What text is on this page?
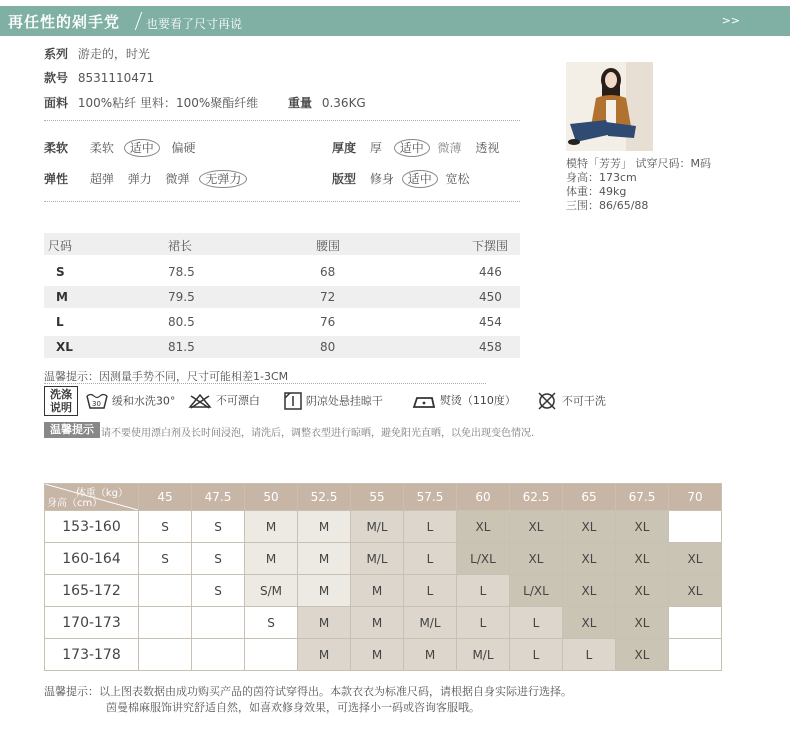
再任性的剁手党 也要看了尺寸再说	>>
系列 游走的，时光
款号 8531110471
面料 100%粘纤 里料：100%聚酯纤维 重量 0.36KG
柔软 柔软 适中 偏硬	厚度 厚 适中 微薄 透视
弹性 超弹 弹力 微弹 无弹力	版型 修身 适中 宽松
模特「芳芳」 试穿尺码：M码
身高：173cm
体重：49kg
三围：86/65/88
尺码	裙长	腰围	下摆围
S	78.5	68	446
M	79.5	72	450
L	80.5	76	454
XL	81.5	80	458
温馨提示：因测量手势不同，尺寸可能相差1-3CM
洗涤
说明	30 缓和水洗30°	不可漂白	阴凉处悬挂晾干	熨烫（110度）	不可干洗
温馨提示 请不要使用漂白剂及长时间浸泡，请洗后，调整衣型进行晾晒，避免阳光直晒，以免出现变色情况.
体重（kg）
身高（cm）	45	47.5	50	52.5	55	57.5	60	62.5	65	67.5	70
153-160	S	S	M	M	M/L	L	XL	XL	XL	XL	
160-164	S	S	M	M	M/L	L	L/XL	XL	XL	XL	XL
165-172		S	S/M	M	M	L	L	L/XL	XL	XL	XL
170-173			S	M	M	M/L	L	L	XL	XL	
173-178				M	M	M	M/L	L	L	XL	
温馨提示：以上图表数据由成功购买产品的茵符试穿得出。本款衣衣为标准尺码，请根据自身实际进行选择。
茵曼棉麻服饰讲究舒适自然，如喜欢修身效果，可选择小一码或咨询客服哦。
